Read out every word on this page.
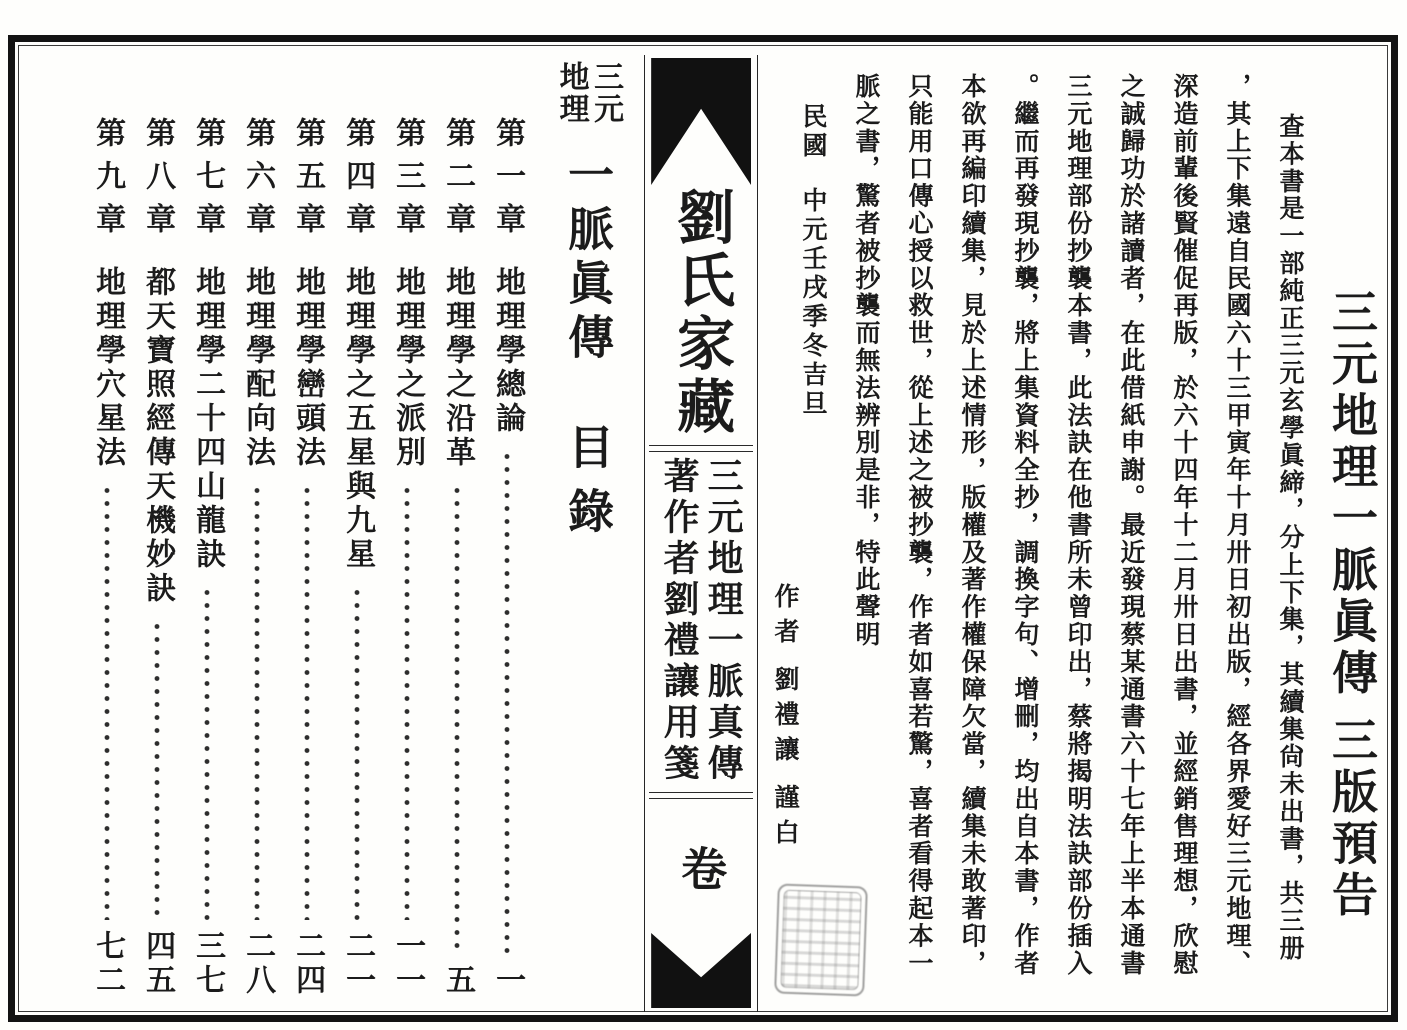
三元
地理
一脈眞傳
目錄
第一章
地理學總論
一
第二章
地理學之沿革
五
第三章
地理學之派別
一一
第四章
地理學之五星與九星
二一
第五章
地理學巒頭法
二四
第六章
地理學配向法
二八
第七章
地理學二十四山龍訣
三七
第八章
都天寶照經傳天機妙訣
四五
第九章
地理學穴星法
七二
劉氏家藏
三元地理一脈真傳
著作者劉禮讓用箋
卷
三元地理一脈眞傳
三版預告
查本書是一部純正三元玄學眞締，分上下集，其續集尙未出書，共三册
，其上下集遠自民國六十三甲寅年十月卅日初出版，經各界愛好三元地理、
深造前輩後賢催促再版，於六十四年十二月卅日出書，並經銷售理想，欣慰
之誠歸功於諸讀者，在此借紙申謝。最近發現蔡某通書六十七年上半本通書
三元地理部份抄襲本書，此法訣在他書所未曾印出，蔡將揭明法訣部份插入
。繼而再發現抄襲，將上集資料全抄，調換字句、增刪，均出自本書，作者
本欲再編印續集，見於上述情形，版權及著作權保障欠當，續集未敢著印，
只能用口傳心授以救世，從上述之被抄襲，作者如喜若驚，喜者看得起本一
脈之書，驚者被抄襲而無法辨別是非，特此聲明
民國
中元壬戌季冬吉旦
作者
劉禮讓
謹白
